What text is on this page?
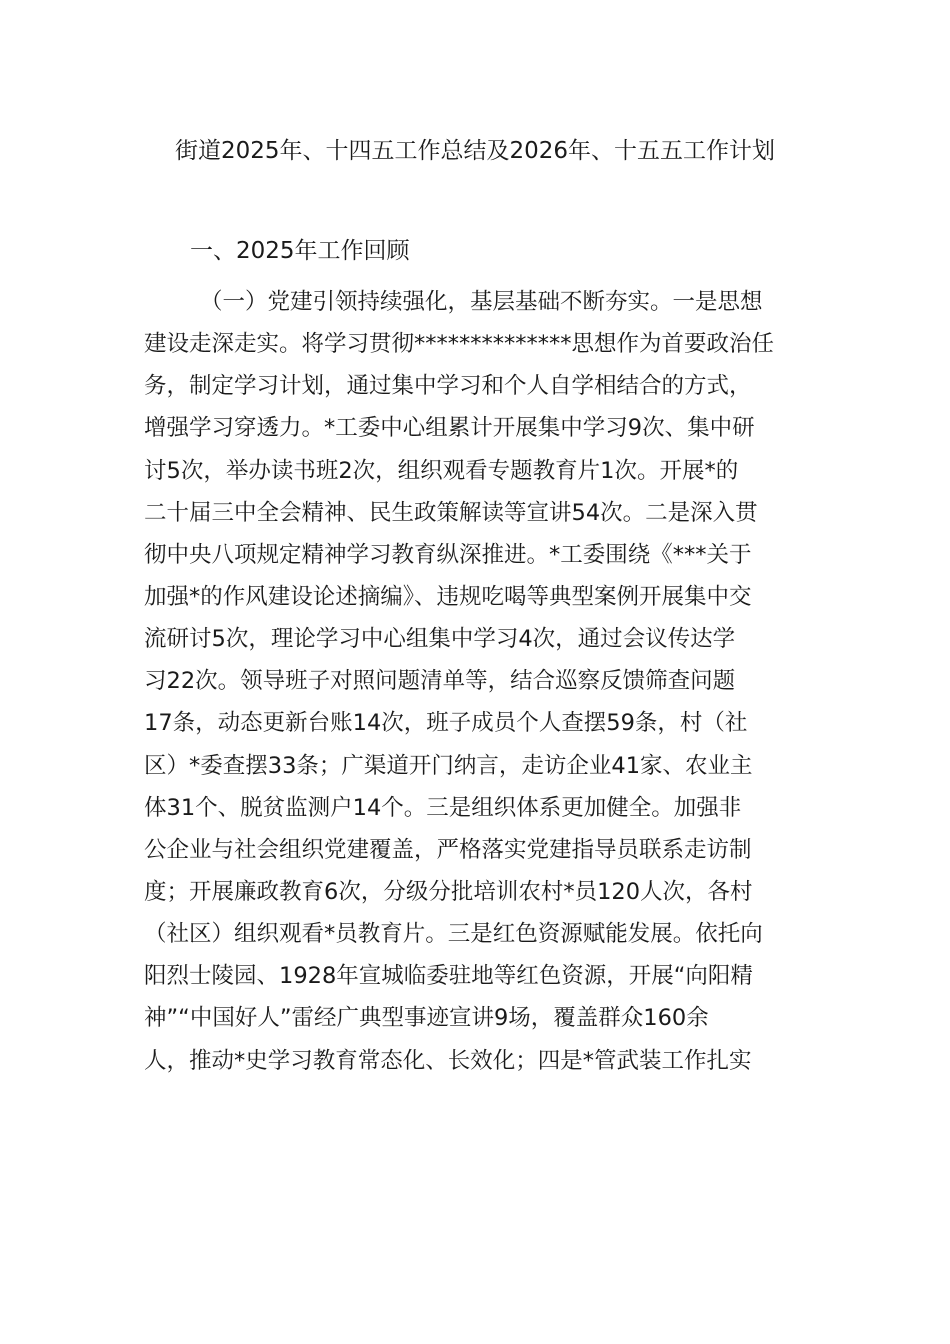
街道2025年、十四五工作总结及2026年、十五五工作计划
一、2025年工作回顾
（一）党建引领持续强化，基层基础不断夯实。一是思想
建设走深走实。将学习贯彻**************思想作为首要政治任
务，制定学习计划，通过集中学习和个人自学相结合的方式，
增强学习穿透力。*工委中心组累计开展集中学习9次、集中研
讨5次，举办读书班2次，组织观看专题教育片1次。开展*的
二十届三中全会精神、民生政策解读等宣讲54次。二是深入贯
彻中央八项规定精神学习教育纵深推进。*工委围绕《***关于
加强*的作风建设论述摘编》、违规吃喝等典型案例开展集中交
流研讨5次，理论学习中心组集中学习4次，通过会议传达学
习22次。领导班子对照问题清单等，结合巡察反馈筛查问题
17条，动态更新台账14次，班子成员个人查摆59条，村（社
区）*委查摆33条；广渠道开门纳言，走访企业41家、农业主
体31个、脱贫监测户14个。三是组织体系更加健全。加强非
公企业与社会组织党建覆盖，严格落实党建指导员联系走访制
度；开展廉政教育6次，分级分批培训农村*员120人次，各村
（社区）组织观看*员教育片。三是红色资源赋能发展。依托向
阳烈士陵园、1928年宣城临委驻地等红色资源，开展“向阳精
神”“中国好人”雷经广典型事迹宣讲9场，覆盖群众160余
人，推动*史学习教育常态化、长效化；四是*管武装工作扎实
